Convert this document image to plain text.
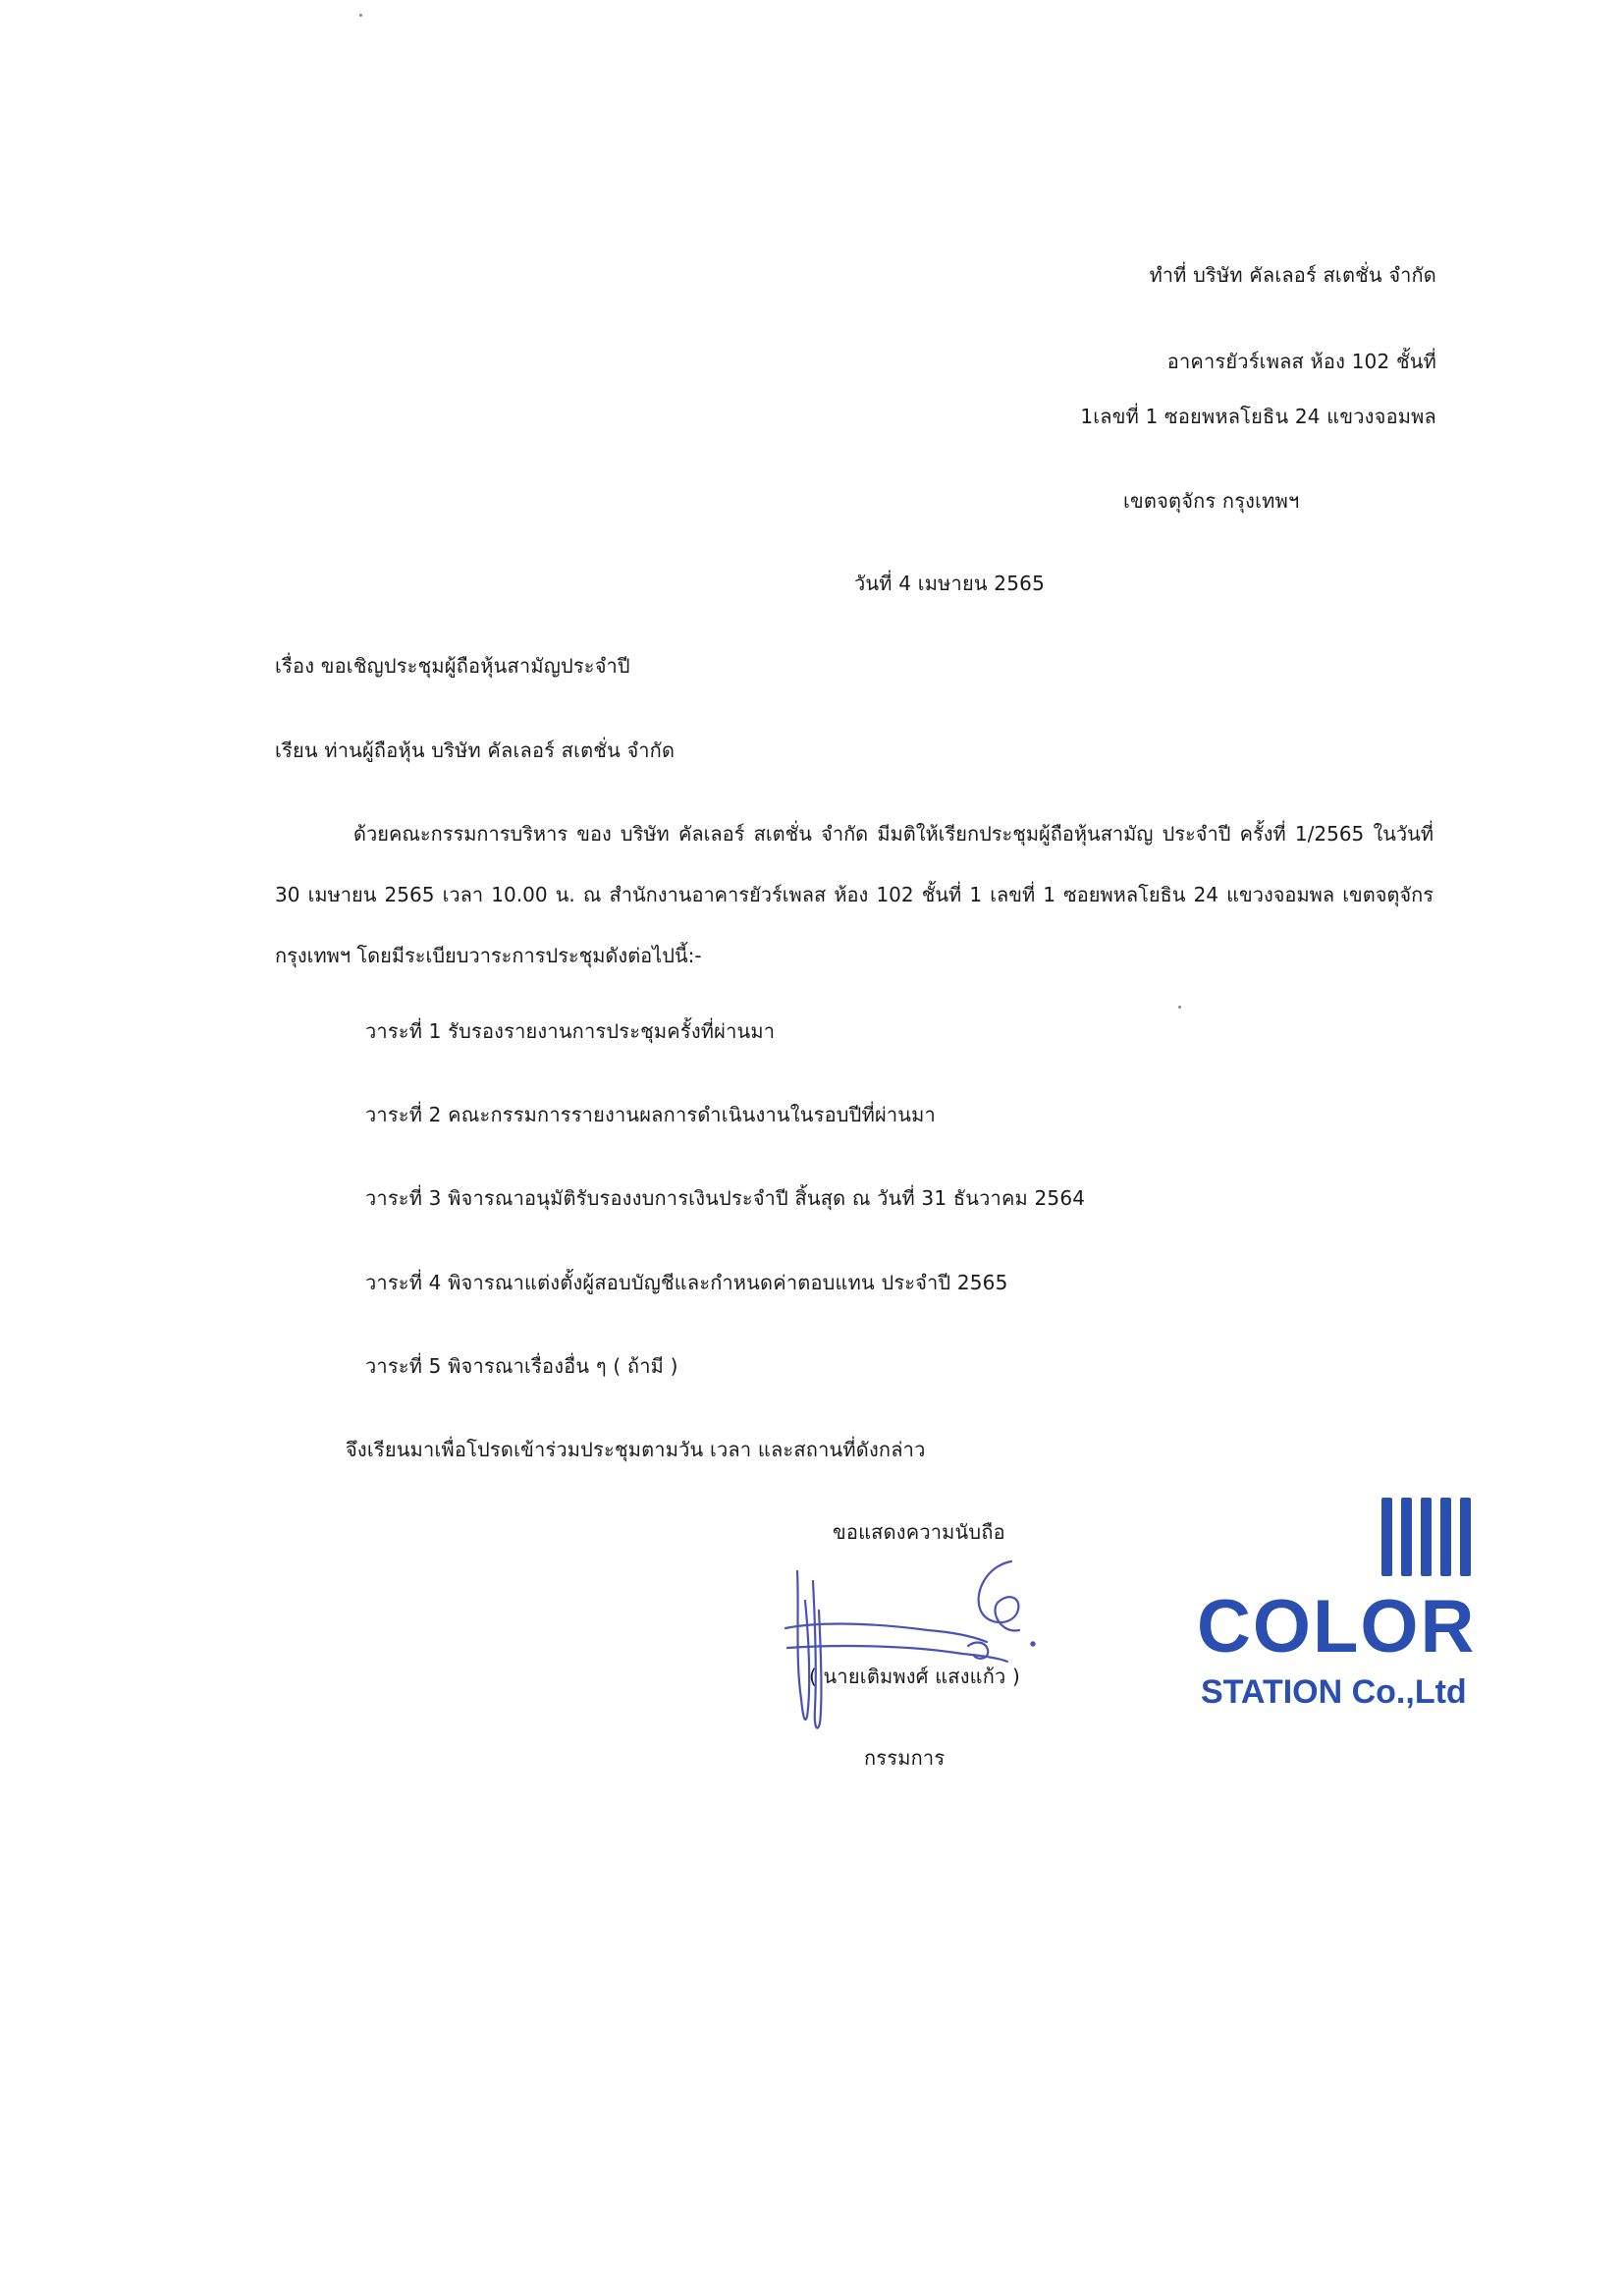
ทำที่ บริษัท คัลเลอร์ สเตชั่น จำกัด
อาคารยัวร์เพลส ห้อง 102 ชั้นที่
1เลขที่ 1 ซอยพหลโยธิน 24 แขวงจอมพล
เขตจตุจักร กรุงเทพฯ
วันที่ 4 เมษายน 2565
เรื่อง ขอเชิญประชุมผู้ถือหุ้นสามัญประจำปี
เรียน ท่านผู้ถือหุ้น บริษัท คัลเลอร์ สเตชั่น จำกัด
ด้วยคณะกรรมการบริหาร ของ บริษัท คัลเลอร์ สเตชั่น จำกัด มีมติให้เรียกประชุมผู้ถือหุ้นสามัญ ประจำปี ครั้งที่ 1/2565 ในวันที่ 30 เมษายน 2565 เวลา 10.00 น. ณ สำนักงานอาคารยัวร์เพลส ห้อง 102 ชั้นที่ 1 เลขที่ 1 ซอยพหลโยธิน 24 แขวงจอมพล เขตจตุจักร กรุงเทพฯ โดยมีระเบียบวาระการประชุมดังต่อไปนี้:-
วาระที่ 1 รับรองรายงานการประชุมครั้งที่ผ่านมา
วาระที่ 2 คณะกรรมการรายงานผลการดำเนินงานในรอบปีที่ผ่านมา
วาระที่ 3 พิจารณาอนุมัติรับรองงบการเงินประจำปี สิ้นสุด ณ วันที่ 31 ธันวาคม 2564
วาระที่ 4 พิจารณาแต่งตั้งผู้สอบบัญชีและกำหนดค่าตอบแทน ประจำปี 2565
วาระที่ 5 พิจารณาเรื่องอื่น ๆ ( ถ้ามี )
จึงเรียนมาเพื่อโปรดเข้าร่วมประชุมตามวัน เวลา และสถานที่ดังกล่าว
ขอแสดงความนับถือ
( นายเติมพงศ์ แสงแก้ว )
กรรมการ
COLOR
STATION Co.,Ltd
